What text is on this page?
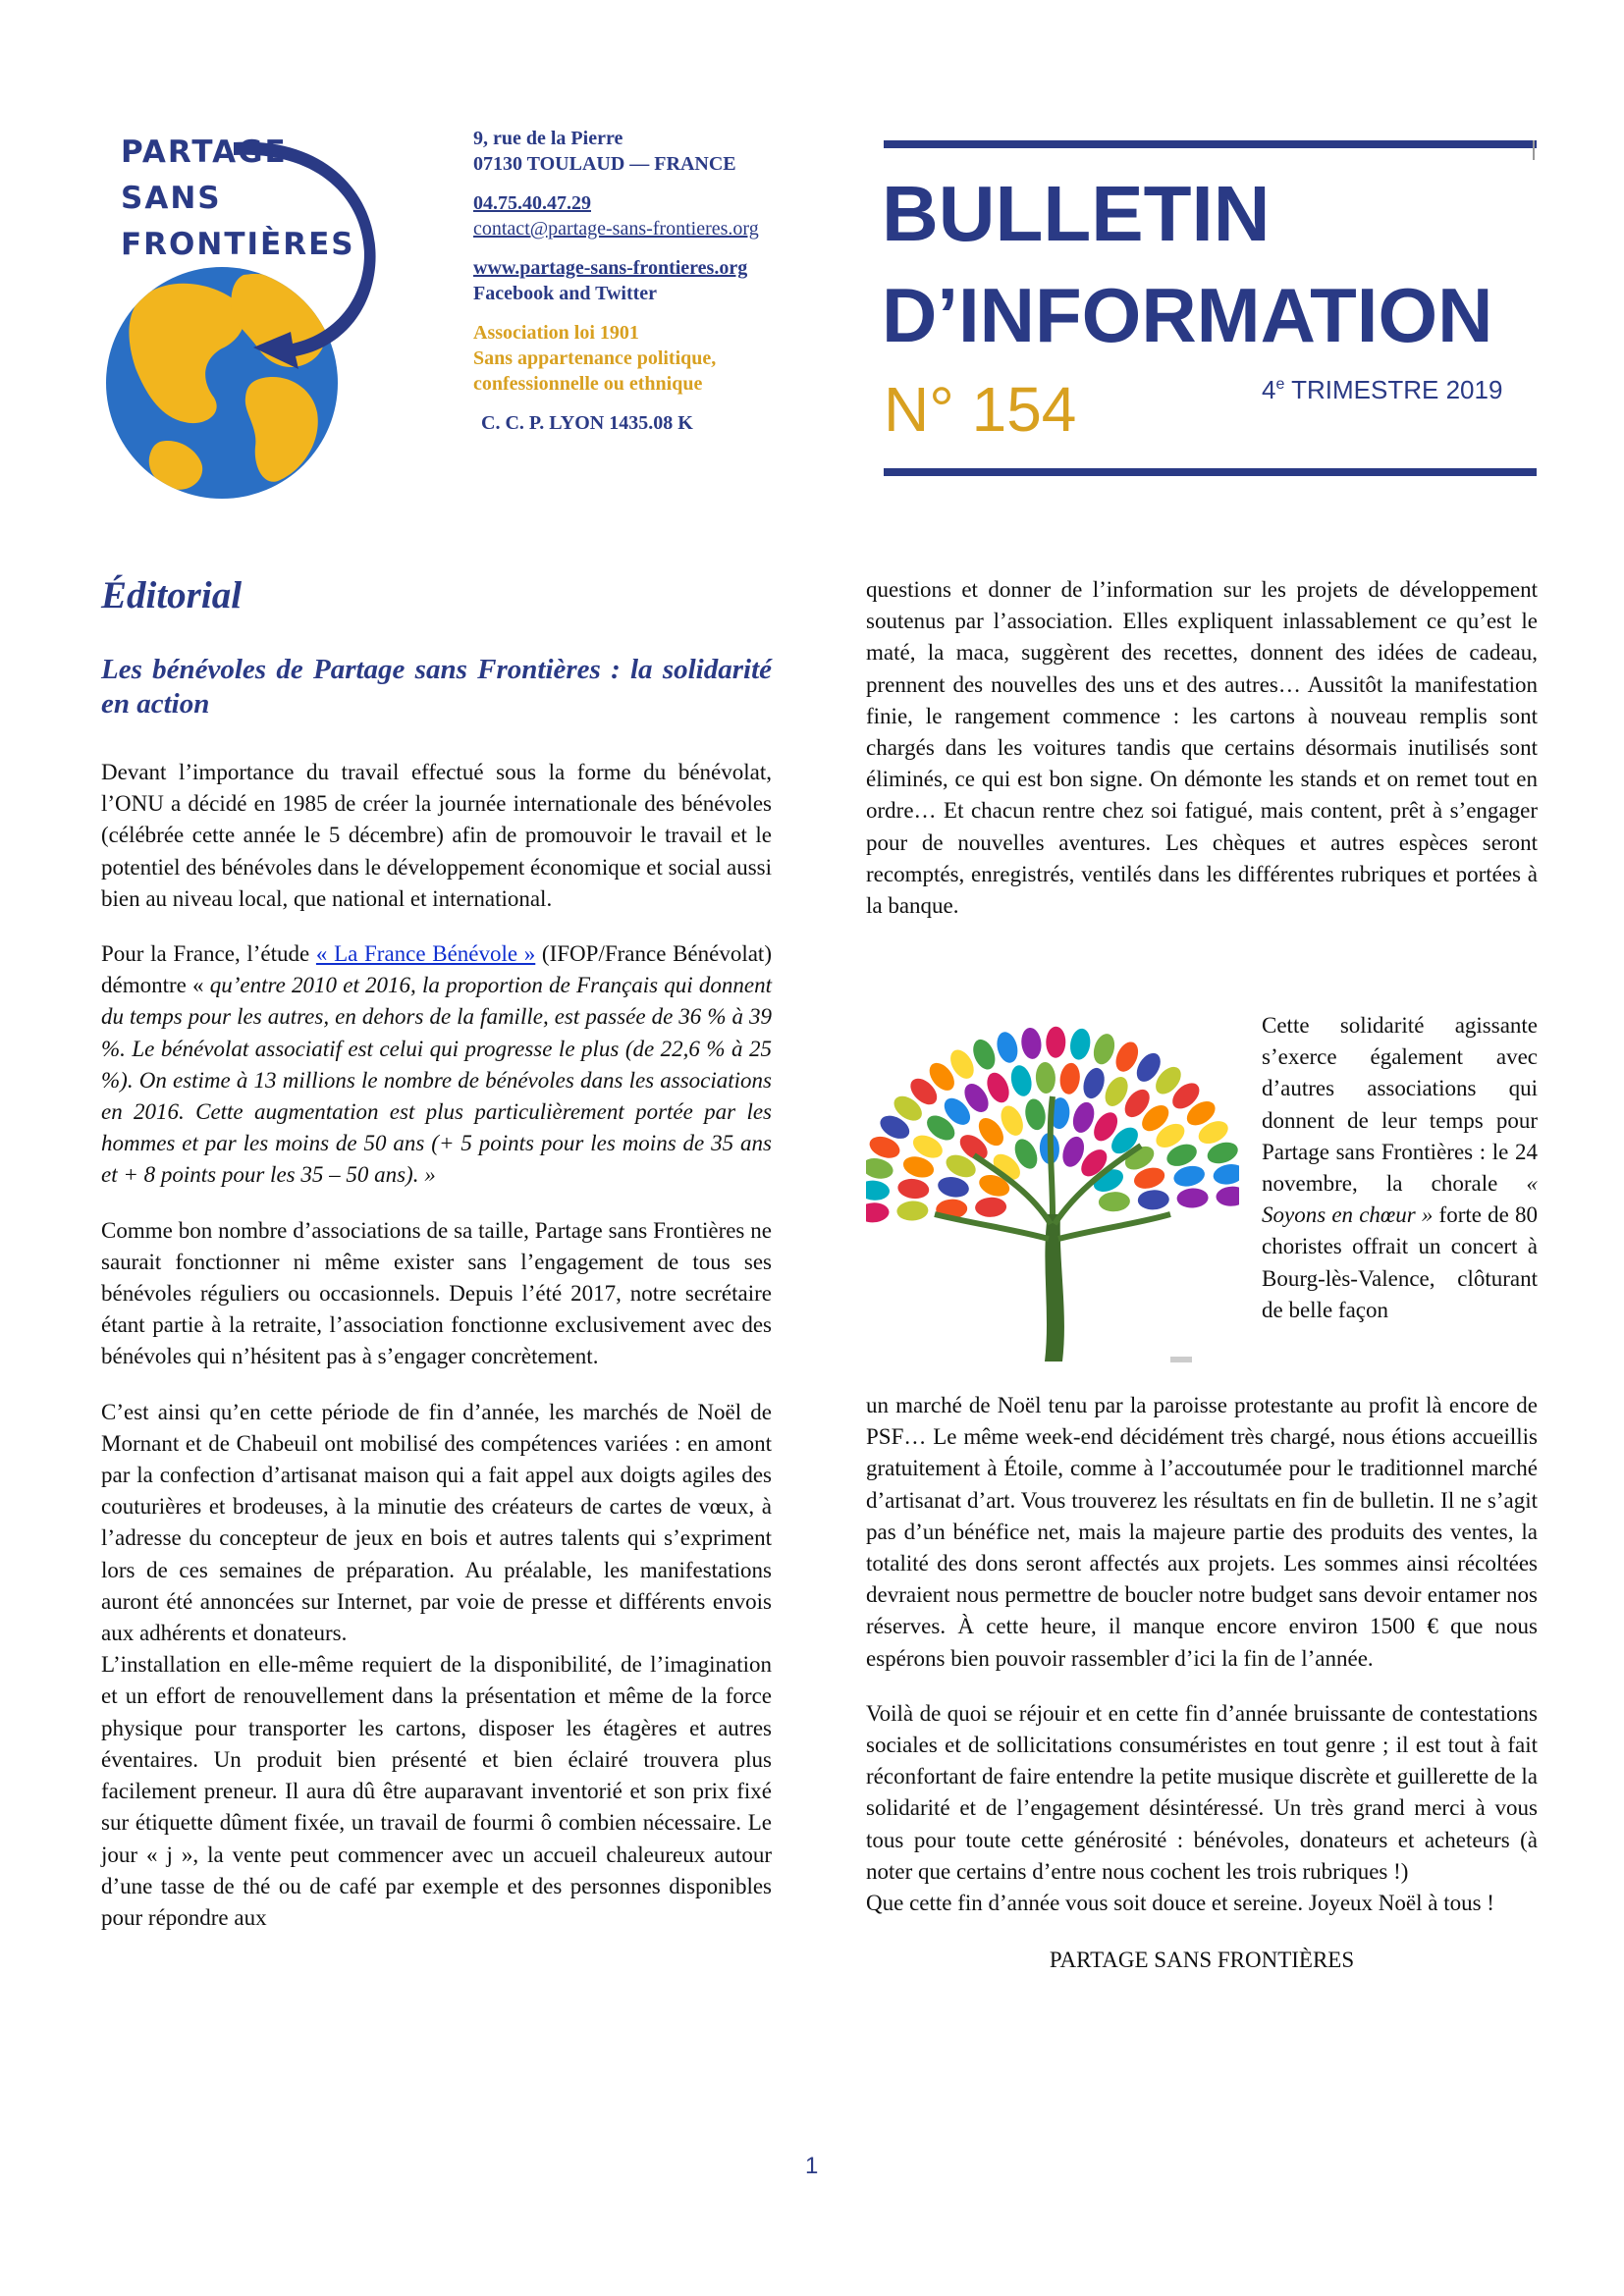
PARTAGE
SANS
FRONTIÈRES
9, rue de la Pierre
07130 TOULAUD — FRANCE
04.75.40.47.29
contact@partage-sans-frontieres.org
www.partage-sans-frontieres.org
Facebook and Twitter
Association loi 1901
Sans appartenance politique,
confessionnelle ou ethnique
C. C. P. LYON 1435.08 K
BULLETIN
D’INFORMATION
N° 154	4e TRIMESTRE 2019
Éditorial
Les bénévoles de Partage sans Frontières : la solidarité en action

Devant l’importance du travail effectué sous la forme du bénévolat, l’ONU a décidé en 1985 de créer la journée internationale des bénévoles (célébrée cette année le 5 décembre) afin de promouvoir le travail et le potentiel des bénévoles dans le développement économique et social aussi bien au niveau local, que national et international.

Pour la France, l’étude « La France Bénévole » (IFOP/France Bénévolat) démontre « qu’entre 2010 et 2016, la proportion de Français qui donnent du temps pour les autres, en dehors de la famille, est passée de 36 % à 39 %. Le bénévolat associatif est celui qui progresse le plus (de 22,6 % à 25 %). On estime à 13 millions le nombre de bénévoles dans les associations en 2016. Cette augmentation est plus particulièrement portée par les hommes et par les moins de 50 ans (+ 5 points pour les moins de 35 ans et + 8 points pour les 35 – 50 ans). »

Comme bon nombre d’associations de sa taille, Partage sans Frontières ne saurait fonctionner ni même exister sans l’engagement de tous ses bénévoles réguliers ou occasionnels. Depuis l’été 2017, notre secrétaire étant partie à la retraite, l’association fonctionne exclusivement avec des bénévoles qui n’hésitent pas à s’engager concrètement.

C’est ainsi qu’en cette période de fin d’année, les marchés de Noël de Mornant et de Chabeuil ont mobilisé des compétences variées : en amont par la confection d’artisanat maison qui a fait appel aux doigts agiles des couturières et brodeuses, à la minutie des créateurs de cartes de vœux, à l’adresse du concepteur de jeux en bois et autres talents qui s’expriment lors de ces semaines de préparation. Au préalable, les manifestations auront été annoncées sur Internet, par voie de presse et différents envois aux adhérents et donateurs.

L’installation en elle-même requiert de la disponibilité, de l’imagination et un effort de renouvellement dans la présentation et même de la force physique pour transporter les cartons, disposer les étagères et autres éventaires. Un produit bien présenté et bien éclairé trouvera plus facilement preneur. Il aura dû être auparavant inventorié et son prix fixé sur étiquette dûment fixée, un travail de fourmi ô combien nécessaire. Le jour « j », la vente peut commencer avec un accueil chaleureux autour d’une tasse de thé ou de café par exemple et des personnes disponibles pour répondre aux

questions et donner de l’information sur les projets de développement soutenus par l’association. Elles expliquent inlassablement ce qu’est le maté, la maca, suggèrent des recettes, donnent des idées de cadeau, prennent des nouvelles des uns et des autres… Aussitôt la manifestation finie, le rangement commence : les cartons à nouveau remplis sont chargés dans les voitures tandis que certains désormais inutilisés sont éliminés, ce qui est bon signe. On démonte les stands et on remet tout en ordre… Et chacun rentre chez soi fatigué, mais content, prêt à s’engager pour de nouvelles aventures. Les chèques et autres espèces seront recomptés, enregistrés, ventilés dans les différentes rubriques et portées à la banque.

Cette solidarité agissante s’exerce également avec d’autres associations qui donnent de leur temps pour Partage sans Frontières : le 24 novembre, la chorale « Soyons en chœur » forte de 80 choristes offrait un concert à Bourg-lès-Valence, clôturant de belle façon

un marché de Noël tenu par la paroisse protestante au profit là encore de PSF… Le même week-end décidément très chargé, nous étions accueillis gratuitement à Étoile, comme à l’accoutumée pour le traditionnel marché d’artisanat d’art. Vous trouverez les résultats en fin de bulletin. Il ne s’agit pas d’un bénéfice net, mais la majeure partie des produits des ventes, la totalité des dons seront affectés aux projets. Les sommes ainsi récoltées devraient nous permettre de boucler notre budget sans devoir entamer nos réserves. À cette heure, il manque encore environ 1500 € que nous espérons bien pouvoir rassembler d’ici la fin de l’année.

Voilà de quoi se réjouir et en cette fin d’année bruissante de contestations sociales et de sollicitations consuméristes en tout genre ; il est tout à fait réconfortant de faire entendre la petite musique discrète et guillerette de la solidarité et de l’engagement désintéressé. Un très grand merci à vous tous pour toute cette générosité : bénévoles, donateurs et acheteurs (à noter que certains d’entre nous cochent les trois rubriques !)

Que cette fin d’année vous soit douce et sereine. Joyeux Noël à tous !

PARTAGE SANS FRONTIÈRES

1
